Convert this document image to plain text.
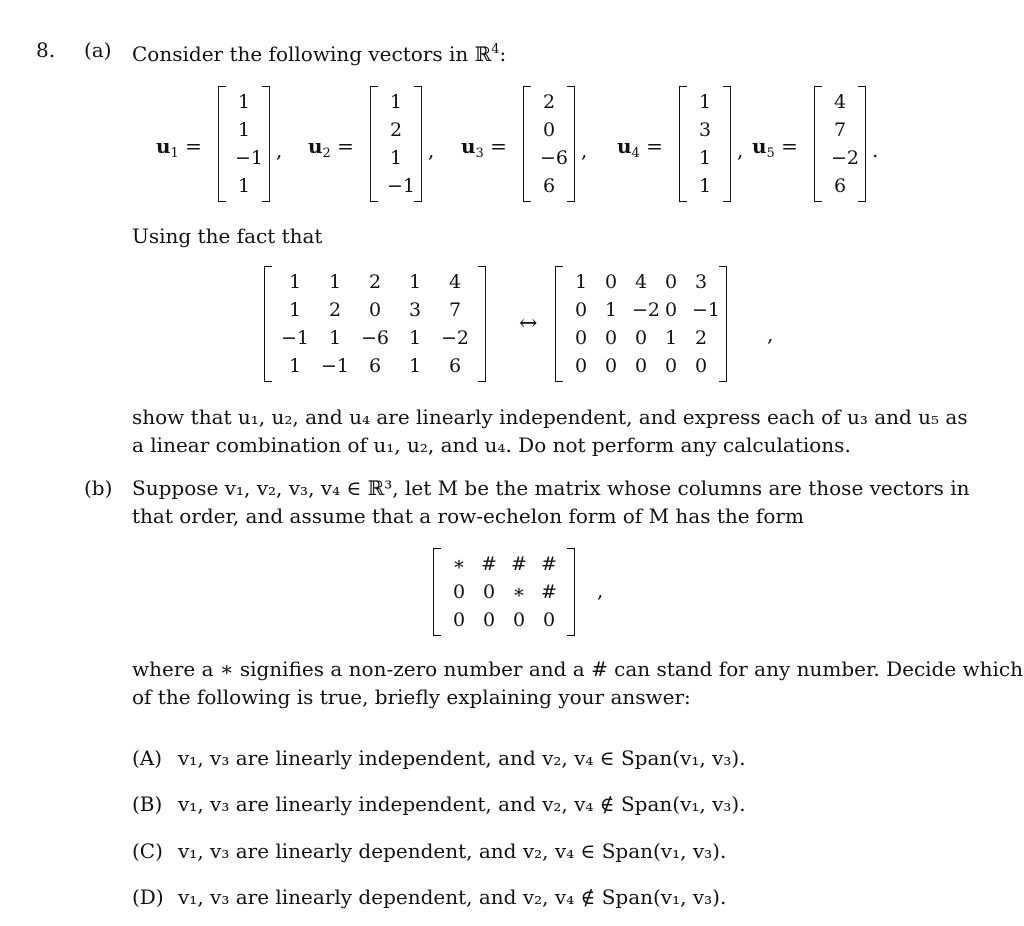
8. (a) Consider the following vectors in ℝ$^4$:
$u_1$ =
1
1
−1
1
, $u_2$ =
1
2
1
−1
, $u_3$ =
2
0
−6
6
, $u_4$ =
1
3
1
1
, $u_5$ =
4
7
−2
6
.
Using the fact that
1	1	2	1	4
1	2	0	3	7
−1	1	−6	1	−2
1	−1	6	1	6
↔
1 0 4 0 3
0 1 −2 0 −1
0 0 0 1 2
0 0 0 0 0
,
show that u₁, u₂, and u₄ are linearly independent, and express each of u₃ and u₅ as
a linear combination of u₁, u₂, and u₄. Do not perform any calculations.
(b) Suppose v₁, v₂, v₃, v₄ ∈ ℝ³, let M be the matrix whose columns are those vectors in
that order, and assume that a row-echelon form of M has the form
∗ # # #
0 0 ∗ #
0 0 0 0
,
where a ∗ signifies a non-zero number and a # can stand for any number. Decide which
of the following is true, briefly explaining your answer:
(A) v₁, v₃ are linearly independent, and v₂, v₄ ∈ Span(v₁, v₃).
(B) v₁, v₃ are linearly independent, and v₂, v₄ ∉ Span(v₁, v₃).
(C) v₁, v₃ are linearly dependent, and v₂, v₄ ∈ Span(v₁, v₃).
(D) v₁, v₃ are linearly dependent, and v₂, v₄ ∉ Span(v₁, v₃).
